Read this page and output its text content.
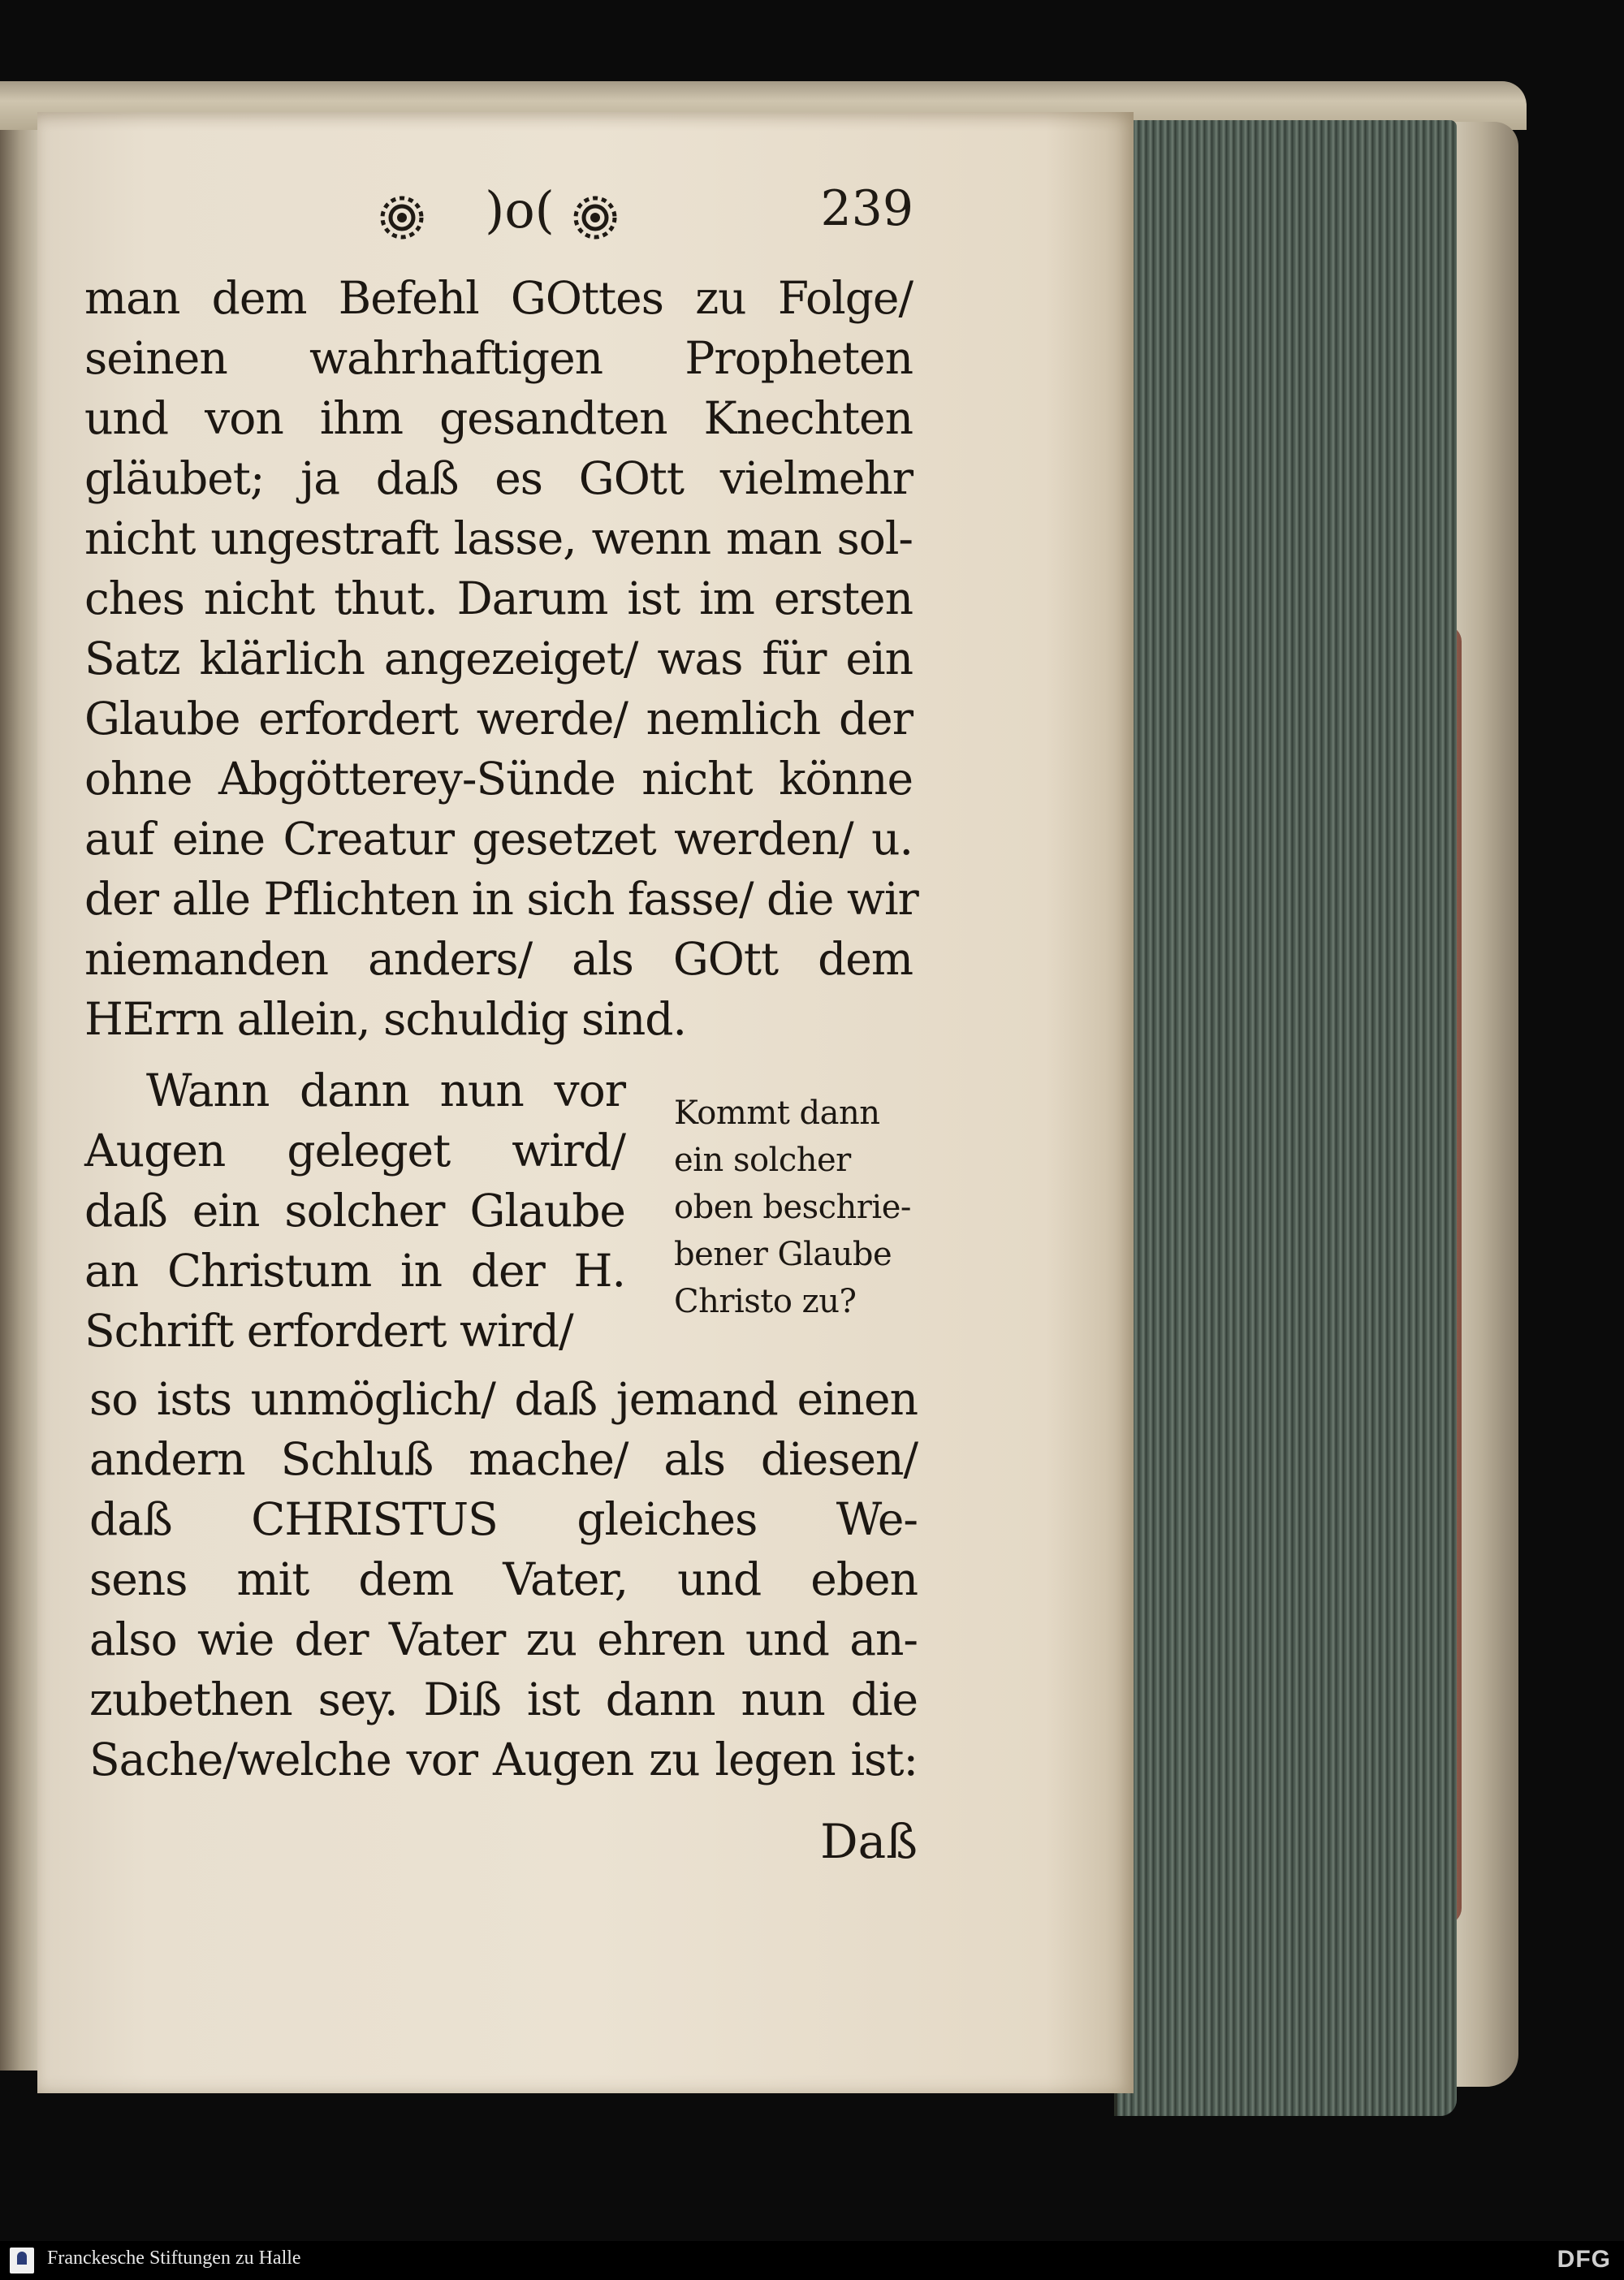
)o(	239
man dem Befehl GOttes zu Folge/
seinen wahrhaftigen Propheten
und von ihm gesandten Knechten
gläubet; ja daß es GOtt vielmehr
nicht ungestraft lasse, wenn man sol-
ches nicht thut. Darum ist im ersten
Satz klärlich angezeiget/ was für ein
Glaube erfordert werde/ nemlich der
ohne Abgötterey-Sünde nicht könne
auf eine Creatur gesetzet werden/ u.
der alle Pflichten in sich fasse/ die wir
niemanden anders/ als GOtt dem
HErrn allein, schuldig sind.
Wann dann nun vor
Augen geleget wird/
daß ein solcher Glaube
an Christum in der H.
Schrift erfordert wird/
Kommt dann
ein solcher
oben beschrie-
bener Glaube
Christo zu?
so ists unmöglich/ daß jemand einen
andern Schluß mache/ als diesen/
daß CHRISTUS gleiches We-
sens mit dem Vater, und eben
also wie der Vater zu ehren und an-
zubethen sey. Diß ist dann nun die
Sache/welche vor Augen zu legen ist:
Daß
Franckesche Stiftungen zu Halle	DFG
